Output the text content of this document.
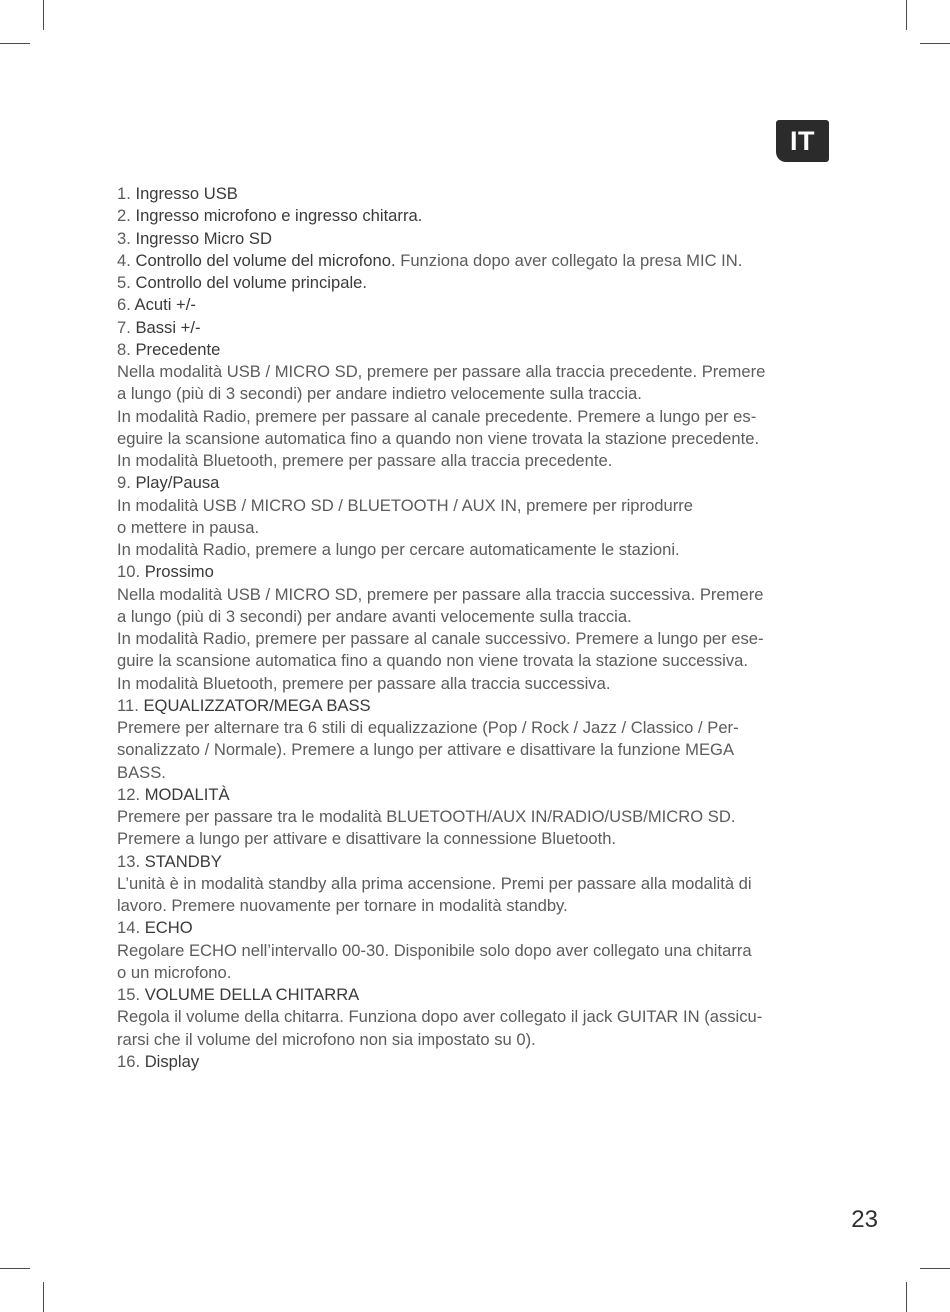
IT
1. Ingresso USB
2. Ingresso microfono e ingresso chitarra.
3. Ingresso Micro SD
4. Controllo del volume del microfono. Funziona dopo aver collegato la presa MIC IN.
5. Controllo del volume principale.
6. Acuti +/-
7. Bassi +/-
8. Precedente
Nella modalità USB / MICRO SD, premere per passare alla traccia precedente. Premere
a lungo (più di 3 secondi) per andare indietro velocemente sulla traccia.
In modalità Radio, premere per passare al canale precedente. Premere a lungo per es-
eguire la scansione automatica fino a quando non viene trovata la stazione precedente.
In modalità Bluetooth, premere per passare alla traccia precedente.
9. Play/Pausa
In modalità USB / MICRO SD / BLUETOOTH / AUX IN, premere per riprodurre
o mettere in pausa.
In modalità Radio, premere a lungo per cercare automaticamente le stazioni.
10. Prossimo
Nella modalità USB / MICRO SD, premere per passare alla traccia successiva. Premere
a lungo (più di 3 secondi) per andare avanti velocemente sulla traccia.
In modalità Radio, premere per passare al canale successivo. Premere a lungo per ese-
guire la scansione automatica fino a quando non viene trovata la stazione successiva.
In modalità Bluetooth, premere per passare alla traccia successiva.
11. EQUALIZZATOR/MEGA BASS
Premere per alternare tra 6 stili di equalizzazione (Pop / Rock / Jazz / Classico / Per-
sonalizzato / Normale). Premere a lungo per attivare e disattivare la funzione MEGA
BASS.
12. MODALITÀ
Premere per passare tra le modalità BLUETOOTH/AUX IN/RADIO/USB/MICRO SD.
Premere a lungo per attivare e disattivare la connessione Bluetooth.
13. STANDBY
L’unità è in modalità standby alla prima accensione. Premi per passare alla modalità di
lavoro. Premere nuovamente per tornare in modalità standby.
14. ECHO
Regolare ECHO nell’intervallo 00-30. Disponibile solo dopo aver collegato una chitarra
o un microfono.
15. VOLUME DELLA CHITARRA
Regola il volume della chitarra. Funziona dopo aver collegato il jack GUITAR IN (assicu-
rarsi che il volume del microfono non sia impostato su 0).
16. Display
23
